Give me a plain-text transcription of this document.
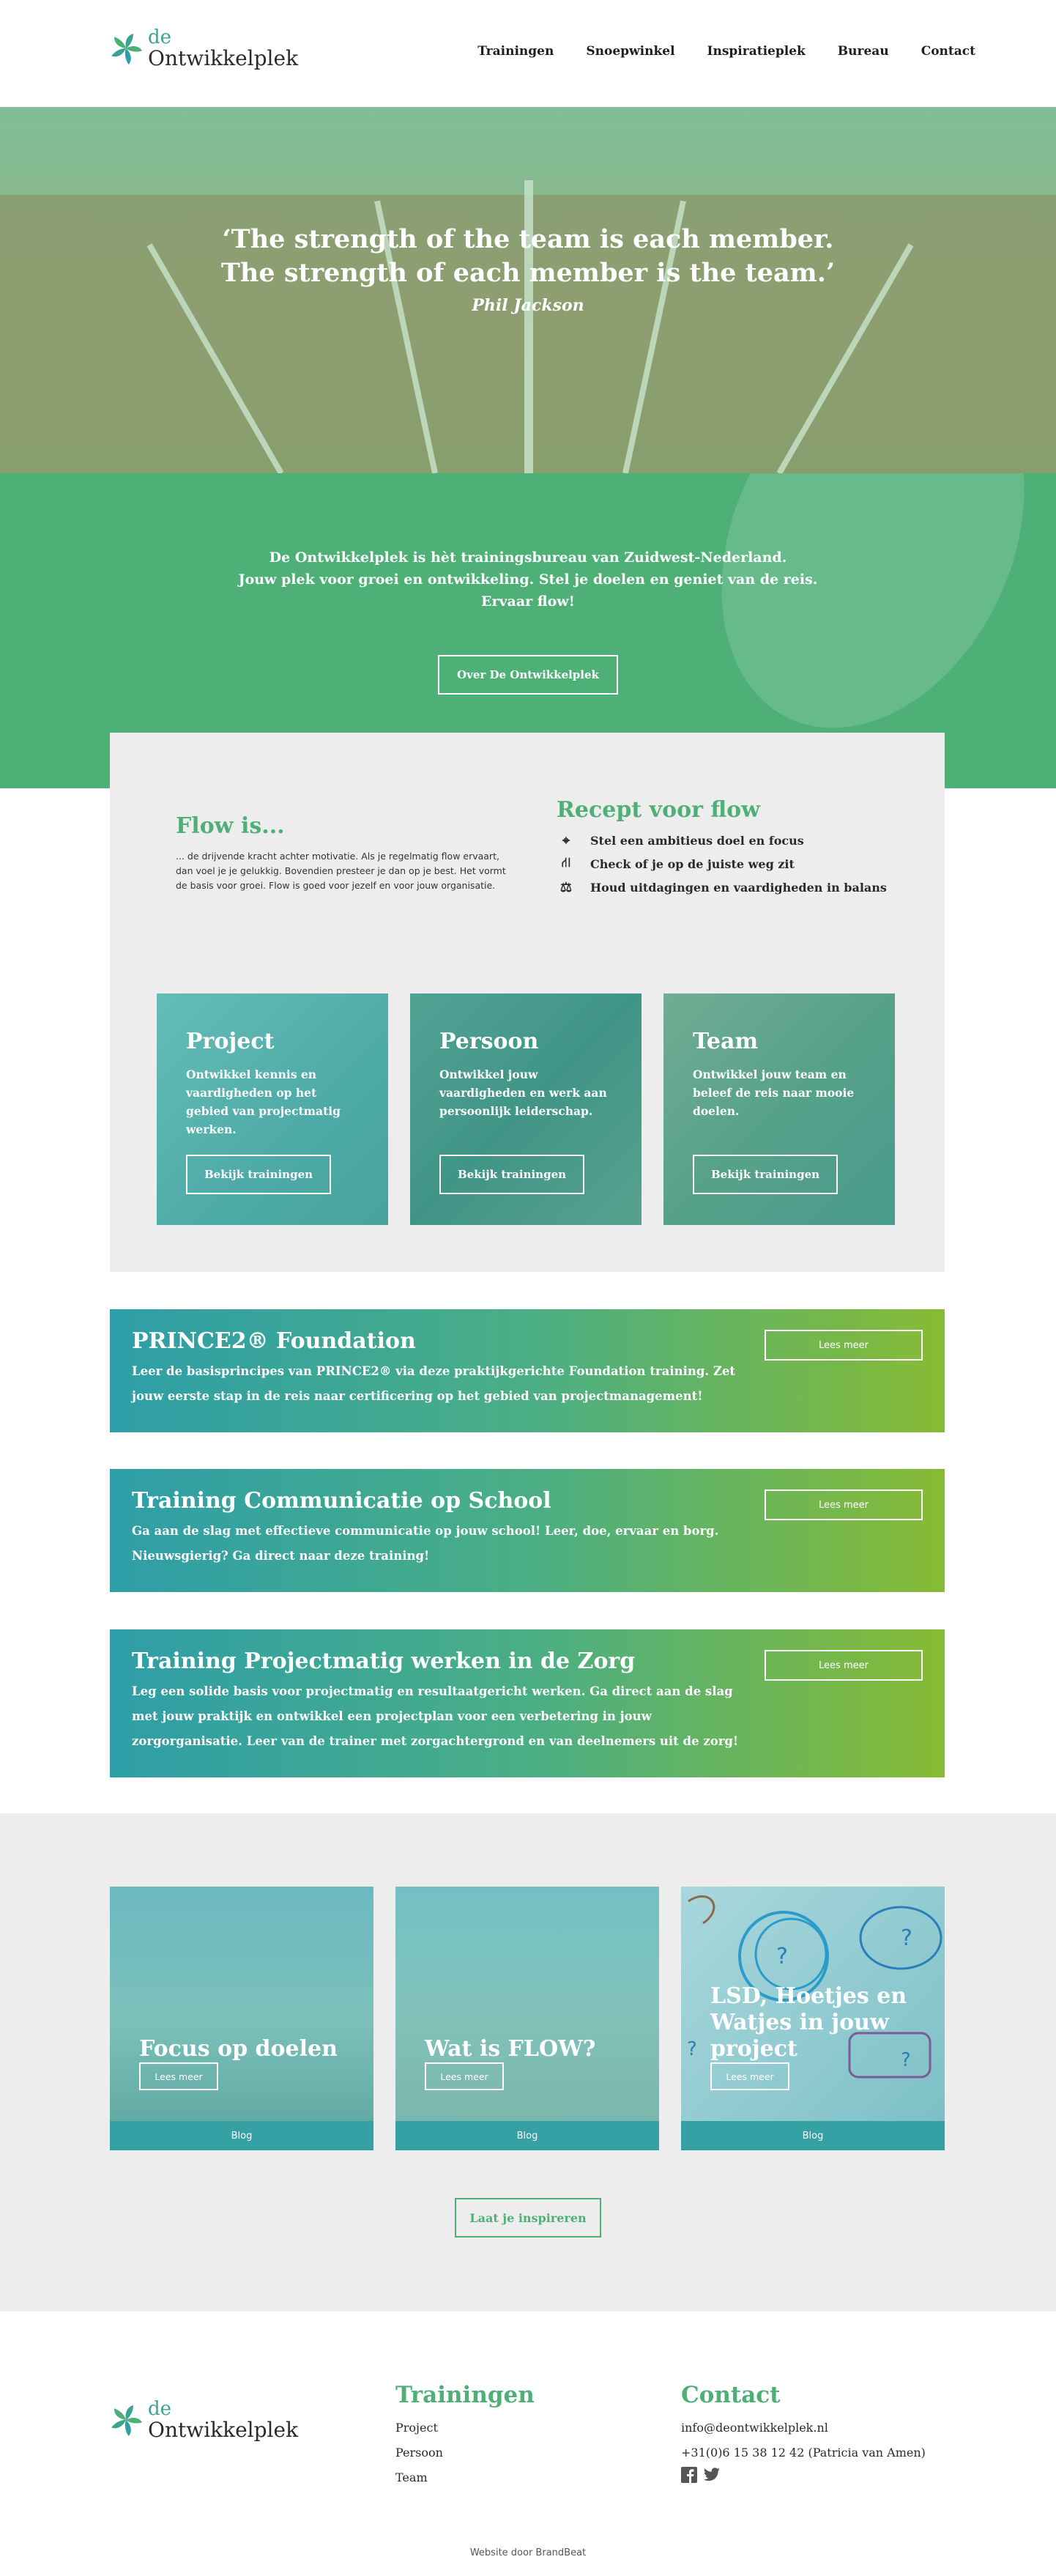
de
Ontwikkelplek	Trainingen	Snoepwinkel	Inspiratieplek	Bureau	Contact
‘The strength of the team is each member.
The strength of each member is the team.’
Phil Jackson
De Ontwikkelplek is hèt trainingsbureau van Zuidwest-Nederland.
Jouw plek voor groei en ontwikkeling. Stel je doelen en geniet van de reis.
Ervaar flow!
Over De Ontwikkelplek
Flow is...

... de drijvende kracht achter motivatie. Als je regelmatig flow ervaart, dan voel je je gelukkig. Bovendien presteer je dan op je best. Het vormt de basis voor groei. Flow is goed voor jezelf en voor jouw organisatie.

Recept voor flow
⌖	Stel een ambitieus doel en focus
⛙	Check of je op de juiste weg zit
⚖	Houd uitdagingen en vaardigheden in balans
Project

Ontwikkel kennis en vaardigheden op het gebied van projectmatig werken.

Bekijk trainingen
Persoon

Ontwikkel jouw vaardigheden en werk aan persoonlijk leiderschap.

Bekijk trainingen
Team

Ontwikkel jouw team en beleef de reis naar mooie doelen.

Bekijk trainingen
PRINCE2® Foundation

Leer de basisprincipes van PRINCE2® via deze praktijkgerichte Foundation training. Zet jouw eerste stap in de reis naar certificering op het gebied van projectmanagement!

Lees meer
Training Communicatie op School

Ga aan de slag met effectieve communicatie op jouw school! Leer, doe, ervaar en borg. Nieuwsgierig? Ga direct naar deze training!

Lees meer
Training Projectmatig werken in de Zorg

Leg een solide basis voor projectmatig en resultaatgericht werken. Ga direct aan de slag met jouw praktijk en ontwikkel een projectplan voor een verbetering in jouw zorgorganisatie. Leer van de trainer met zorgachtergrond en van deelnemers uit de zorg!

Lees meer
Focus op doelen
Lees meer
Blog
Wat is FLOW?
Lees meer
Blog
?
?
?
?
LSD, Hoetjes en Watjes in jouw project
Lees meer
Blog
Laat je inspireren
de
Ontwikkelplek
Trainingen
Project
Persoon
Team
Contact
info@deontwikkelplek.nl
+31(0)6 15 38 12 42 (Patricia van Amen)
Website door BrandBeat
